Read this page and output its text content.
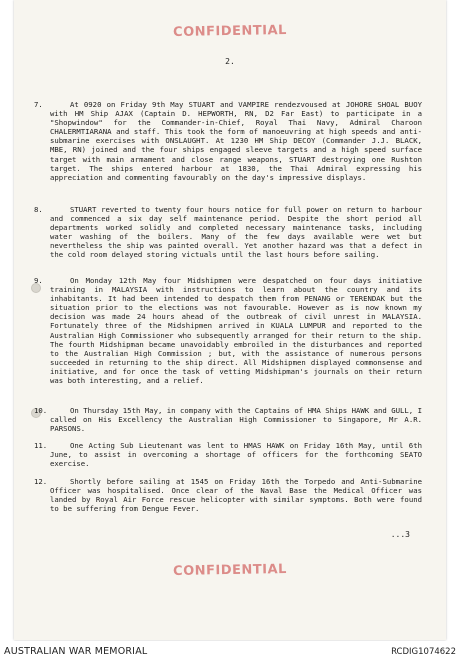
CONFIDENTIAL
2.
7.	At 0920 on Friday 9th May STUART and VAMPIRE rendezvoused at JOHORE SHOAL BUOY with HM Ship AJAX (Captain D. HEPWORTH, RN, D2 Far East) to participate in a "Shopwindow" for the Commander-in-Chief, Royal Thai Navy, Admiral Charoon CHALERMTIARANA and staff. This took the form of manoeuvring at high speeds and anti-submarine exercises with ONSLAUGHT. At 1230 HM Ship DECOY (Commander J.J. BLACK, MBE, RN) joined and the four ships engaged sleeve targets and a high speed surface target with main armament and close range weapons, STUART destroying one Rushton target. The ships entered harbour at 1830, the Thai Admiral expressing his appreciation and commenting favourably on the day's impressive displays.

8.	STUART reverted to twenty four hours notice for full power on return to harbour and commenced a six day self maintenance period. Despite the short period all departments worked solidly and completed necessary maintenance tasks, including water washing of the boilers. Many of the few days available were wet but nevertheless the ship was painted overall. Yet another hazard was that a defect in the cold room delayed storing victuals until the last hours before sailing.

9.	On Monday 12th May four Midshipmen were despatched on four days initiative training in MALAYSIA with instructions to learn about the country and its inhabitants. It had been intended to despatch them from PENANG or TERENDAK but the situation prior to the elections was not favourable. However as is now known my decision was made 24 hours ahead of the outbreak of civil unrest in MALAYSIA. Fortunately three of the Midshipmen arrived in KUALA LUMPUR and reported to the Australian High Commissioner who subsequently arranged for their return to the ship. The fourth Midshipman became unavoidably embroiled in the disturbances and reported to the Australian High Commission ; but, with the assistance of numerous persons succeeded in returning to the ship direct. All Midshipmen displayed commonsense and initiative, and for once the task of vetting Midshipman's journals on their return was both interesting, and a relief.

10.	On Thursday 15th May, in company with the Captains of HMA Ships HAWK and GULL, I called on His Excellency the Australian High Commissioner to Singapore, Mr A.R. PARSONS.

11.	One Acting Sub Lieutenant was lent to HMAS HAWK on Friday 16th May, until 6th June, to assist in overcoming a shortage of officers for the forthcoming SEATO exercise.

12.	Shortly before sailing at 1545 on Friday 16th the Torpedo and Anti-Submarine Officer was hospitalised. Once clear of the Naval Base the Medical Officer was landed by Royal Air Force rescue helicopter with similar symptoms. Both were found to be suffering from Dengue Fever.

...3
CONFIDENTIAL
AUSTRALIAN WAR MEMORIAL	RCDIG1074622
